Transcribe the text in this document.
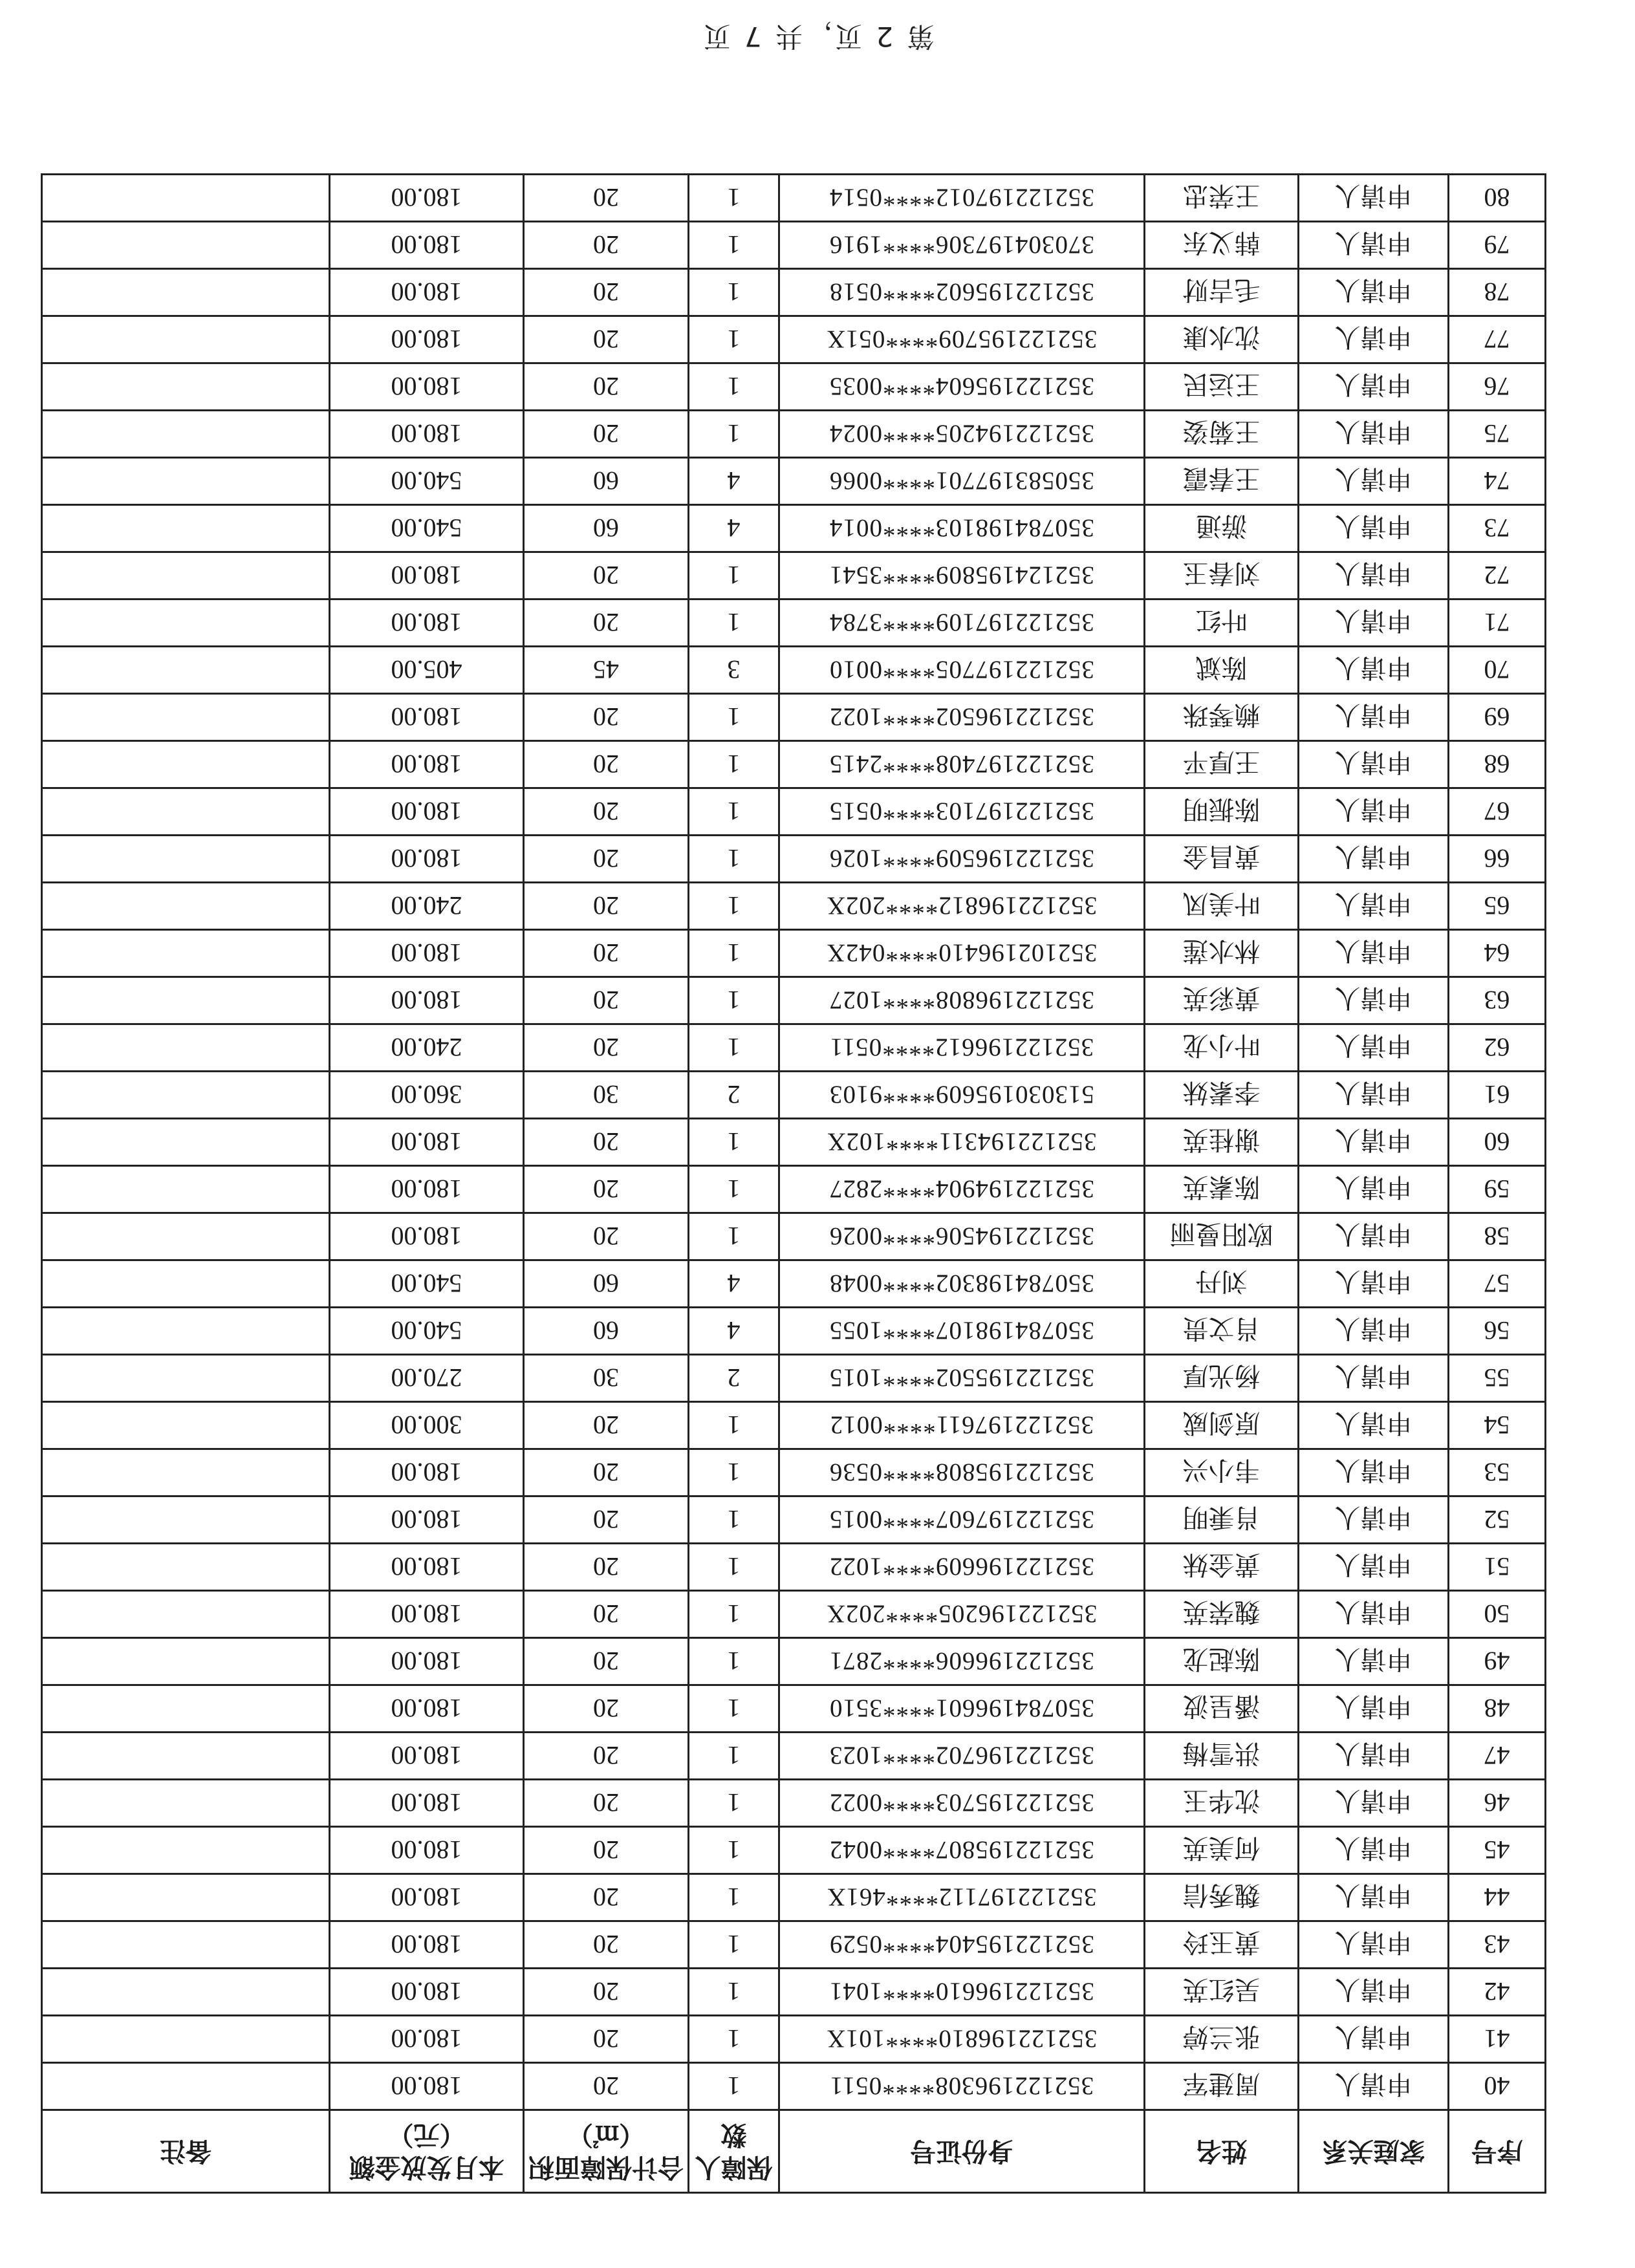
序号	家庭关系	姓名	身份证号	保障人数	合计保障面积（㎡）	本月发放金额（元）	备注
40	申请人	周建军	352122196308****0511	1	20	180.00	
41	申请人	张兰婷	352122196810****101X	1	20	180.00	
42	申请人	吴红英	352122196610****1041	1	20	180.00	
43	申请人	黄玉玲	352122195404****0529	1	20	180.00	
44	申请人	魏秀信	352122197112****461X	1	20	180.00	
45	申请人	何美英	352122195807****0042	1	20	180.00	
46	申请人	沈华玉	352122195703****0022	1	20	180.00	
47	申请人	洪雪梅	352122196702****1023	1	20	180.00	
48	申请人	潘呈波	350784196601****3510	1	20	180.00	
49	申请人	陈起龙	352122196606****2871	1	20	180.00	
50	申请人	魏荣英	352122196205****202X	1	20	180.00	
51	申请人	黄金妹	352122196609****1022	1	20	180.00	
52	申请人	肖秉明	352122197607****0015	1	20	180.00	
53	申请人	韦小兴	352122195808****0536	1	20	180.00	
54	申请人	原剑威	352122197611****0012	1	20	300.00	
55	申请人	杨光厚	352122195502****1015	2	30	270.00	
56	申请人	肖文贵	350784198107****1055	4	60	540.00	
57	申请人	刘丹	350784198302****0048	4	60	540.00	
58	申请人	欧阳曼丽	352122194506****0026	1	20	180.00	
59	申请人	陈素英	352122194904****2827	1	20	180.00	
60	申请人	谢桂英	352122194311****102X	1	20	180.00	
61	申请人	李素妹	513030195609****9103	2	30	360.00	
62	申请人	叶小龙	352122196612****0511	1	20	240.00	
63	申请人	黄彩英	352122196808****1027	1	20	180.00	
64	申请人	林水莲	352102196410****042X	1	20	180.00	
65	申请人	叶美凤	352122196812****202X	1	20	240.00	
66	申请人	黄昌金	352122196509****1026	1	20	180.00	
67	申请人	陈振明	352122197103****0515	1	20	180.00	
68	申请人	王厚平	352122197408****2415	1	20	180.00	
69	申请人	赖琴珠	352122196502****1022	1	20	180.00	
70	申请人	陈斌	352122197705****0010	3	45	405.00	
71	申请人	叶红	352122197109****3784	1	20	180.00	
72	申请人	刘春玉	352124195809****3541	1	20	180.00	
73	申请人	游通	350784198103****0014	4	60	540.00	
74	申请人	王春霞	350583197701****0066	4	60	540.00	
75	申请人	王菊姿	352122194205****0024	1	20	180.00	
76	申请人	王运民	352122195604****0035	1	20	180.00	
77	申请人	沈水康	352122195709****051X	1	20	180.00	
78	申请人	毛吉财	352122195602****0518	1	20	180.00	
79	申请人	韩义东	370304197306****1916	1	20	180.00	
80	申请人	王荣忠	352122197012****0514	1	20	180.00	
第 2 页，共 7 页
